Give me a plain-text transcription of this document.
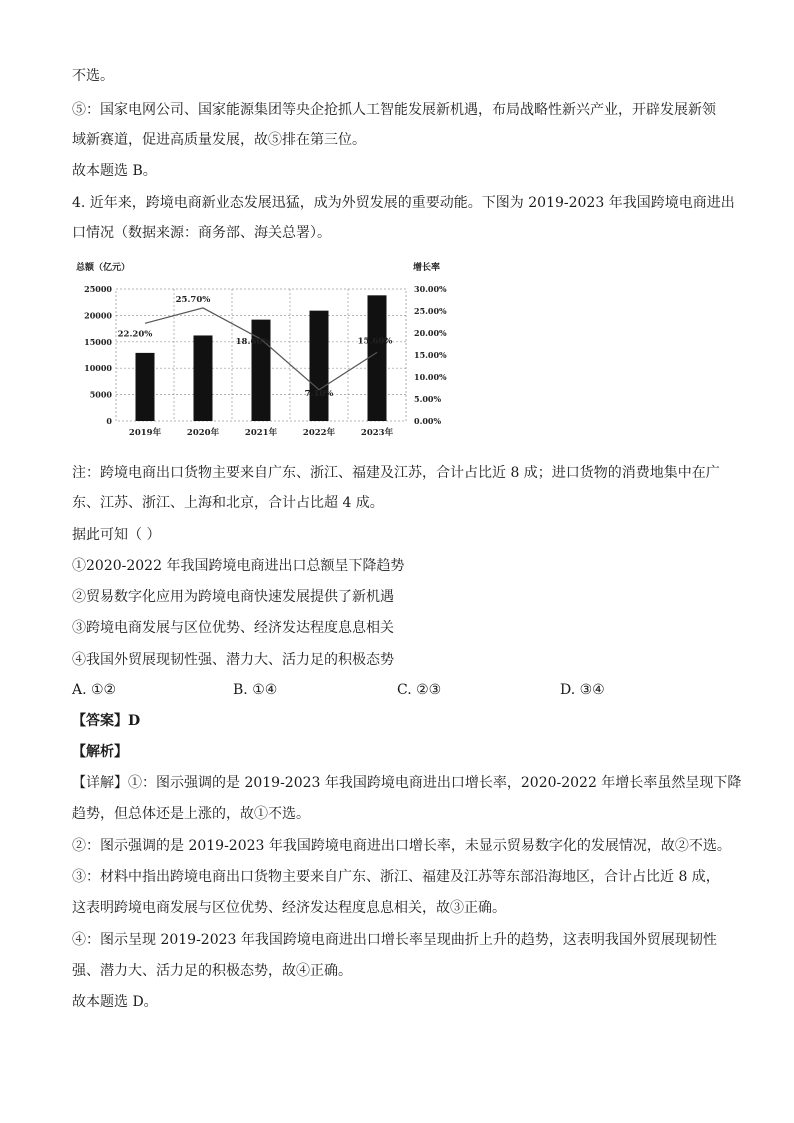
不选。
⑤：国家电网公司、国家能源集团等央企抢抓人工智能发展新机遇，布局战略性新兴产业，开辟发展新领
域新赛道，促进高质量发展，故⑤排在第三位。
故本题选 B。
4. 近年来，跨境电商新业态发展迅猛，成为外贸发展的重要动能。下图为 2019-2023 年我国跨境电商进出
口情况（数据来源：商务部、海关总署）。
0
5000
10000
15000
20000
25000
0.00%
5.00%
10.00%
15.00%
20.00%
25.00%
30.00%
2019年	2020年	2021年	2022年	2023年
22.20%
25.70%
18.60%
7.10%
15.60%
总额（亿元）	增长率
注：跨境电商出口货物主要来自广东、浙江、福建及江苏，合计占比近 8 成；进口货物的消费地集中在广
东、江苏、浙江、上海和北京，合计占比超 4 成。
据此可知（ ）
①2020-2022 年我国跨境电商进出口总额呈下降趋势
②贸易数字化应用为跨境电商快速发展提供了新机遇
③跨境电商发展与区位优势、经济发达程度息息相关
④我国外贸展现韧性强、潜力大、活力足的积极态势
A. ①②	B. ①④	C. ②③	D. ③④
【答案】D
【解析】
【详解】①：图示强调的是 2019-2023 年我国跨境电商进出口增长率，2020-2022 年增长率虽然呈现下降
趋势，但总体还是上涨的，故①不选。
②：图示强调的是 2019-2023 年我国跨境电商进出口增长率，未显示贸易数字化的发展情况，故②不选。
③：材料中指出跨境电商出口货物主要来自广东、浙江、福建及江苏等东部沿海地区，合计占比近 8 成，
这表明跨境电商发展与区位优势、经济发达程度息息相关，故③正确。
④：图示呈现 2019-2023 年我国跨境电商进出口增长率呈现曲折上升的趋势，这表明我国外贸展现韧性
强、潜力大、活力足的积极态势，故④正确。
故本题选 D。
